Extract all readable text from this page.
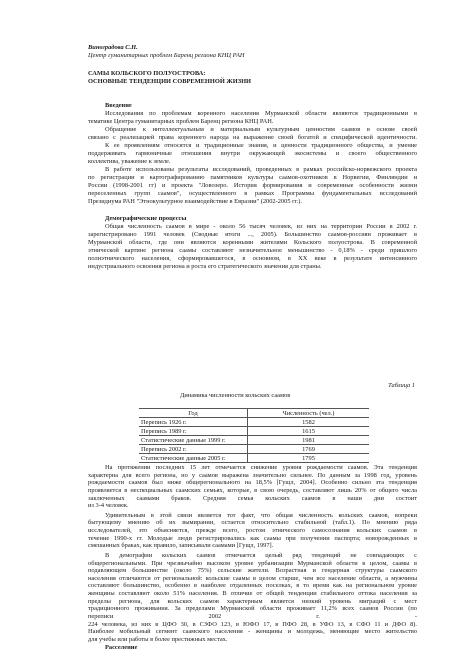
Виноградова С.Н.
Центр гуманитарных проблем Баренц региона КНЦ РАН
САМЫ КОЛЬСКОГО ПОЛУОСТРОВА:
ОСНОВНЫЕ ТЕНДЕНЦИИ СОВРЕМЕННОЙ ЖИЗНИ
Введение
Исследования по проблемам коренного населения Мурманской области являются традиционными в
тематике Центра гуманитарных проблем Баренц региона КНЦ РАН.
Обращение к интеллектуальным и материальным культурным ценностям саамов в основе своей
связано с реализацией права коренного народа на выражение своей богатой и специфической идентичности.
К ее проявлениям относятся и традиционные знания, и ценности традиционного общества, и умение
поддерживать гармоничные отношения внутри окружающей экосистемы и своего общественного
коллектива, уважение к земле.
В работе использованы результаты исследований, проведенных в рамках российско-норвежского проекта
по регистрации и картографированию памятников культуры саамов-охотников в Норвегии, Финляндии и
России (1998-2001 гг) и проекта "Ловозеро. История формирования и современные особенности жизни
переселенных групп саамов", осуществленного в рамках Программы фундаментальных исследований
Президиума РАН "Этнокультурное взаимодействие в Евразии" (2002-2005 гг.).
Демографические процессы
Общая численность саамов в мире - около 56 тысяч человек, из них на территории России в 2002 г.
зарегистрировано 1991 человек (Сводные итоги ..., 2005). Большинство саамов-россиян проживает в
Мурманской области, где они являются коренными жителями Кольского полуострова. В современной
этнической картине региона саамы составляют незначительное меньшинство - 0,18% - среди пришлого
полиэтнического населения, сформировавшегося, в основном, в XX веке в результате интенсивного
индустриального освоения региона и роста его стратегического значения для страны.
Таблица 1
Динамика численности кольских саамов
Год	Численность (чел.)
Перепись 1926 г.	1582
Перепись 1989 г.	1615
Статистические данные 1999 г.	1981
Перепись 2002 г.	1769
Статистические данные 2005 г.	1795
На протяжении последних 15 лет отмечается снижение уровня рождаемости саамов. Эта тенденция
характерна для всего региона, но у саамов выражена значительно сильнее. По данным за 1998 год, уровень
рождаемости саамов был ниже общерегионального на 18,5% [Гущл, 2004]. Особенно сильно эта тенденция
проявляется в неспециальных саамских семьях, которые, в свою очередь, составляют лишь 20% от общего числа
заключенных саамами браков. Средняя семья кольских саамов в наши дни состоит
из 3-4 человек.
Удивительным в этой связи является тот факт, что общая численность кольских саамов, вопреки
бытующему мнению об их вымирании, остается относительно стабильной (табл.1). По мнению ряда
исследователей, это объясняется, прежде всего, ростом этнического самосознания кольских саамов в
течение 1990-х гг. Молодые люди регистрировались как саамы при получении паспорта; новорожденных в
смешанных браках, как правило, записывали саамами [Гущл, 1997].
В демографии кольских саамов отмечается целый ряд тенденций не совпадающих с
общерегиональными. При чрезвычайно высоком уровне урбанизации Мурманской области в целом, саамы в
подавляющем большинстве (около 75%) сельские жители. Возрастная и гендерная структуры саамского
населения отличаются от региональной: кольские саамы в целом старше, чем все население области, а мужчины
составляют большинство, особенно в наиболее отдаленных поселках, в то время как на региональном уровне
женщины составляют около 51% населения. В отличие от общей тенденции стабильного оттока населения за
пределы региона, для кольских саамов характерным является низкий уровень миграций с мест
традиционного проживания. За пределами Мурманской области проживает 11,2% всех саамов России (по
переписи 2002 г. -
224 человека, из них в ЦФО 30, в СЗФО 123, в ЮФО 17, в ПФО 28, в УФО 13, в СФО 11 и ДФО 8).
Наиболее мобильный сегмент саамского населения - женщины и молодежь, меняющие место жительство
для учебы или работы в более престижных местах.
Расселение
